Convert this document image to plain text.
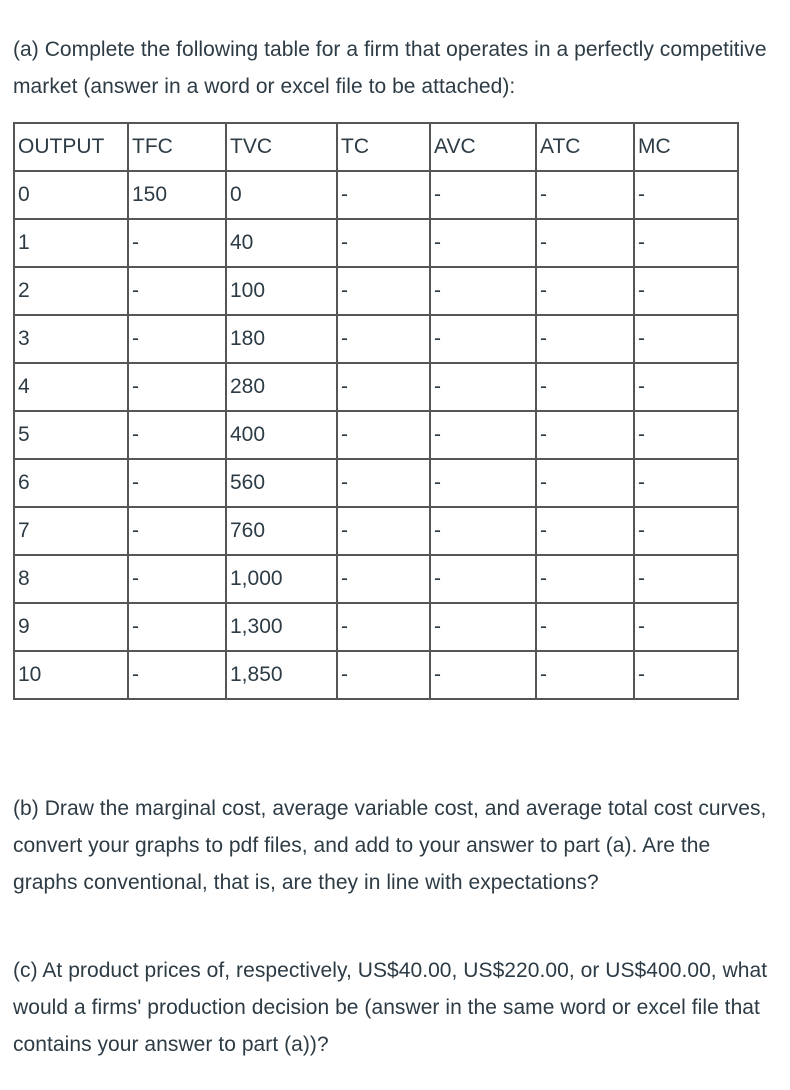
(a) Complete the following table for a firm that operates in a perfectly competitive market (answer in a word or excel file to be attached):

OUTPUT	TFC	TVC	TC	AVC	ATC	MC
0	150	0	-	-	-	-
1	-	40	-	-	-	-
2	-	100	-	-	-	-
3	-	180	-	-	-	-
4	-	280	-	-	-	-
5	-	400	-	-	-	-
6	-	560	-	-	-	-
7	-	760	-	-	-	-
8	-	1,000	-	-	-	-
9	-	1,300	-	-	-	-
10	-	1,850	-	-	-	-

(b) Draw the marginal cost, average variable cost, and average total cost curves, convert your graphs to pdf files, and add to your answer to part (a). Are the graphs conventional, that is, are they in line with expectations?

(c) At product prices of, respectively, US$40.00, US$220.00, or US$400.00, what would a firms' production decision be (answer in the same word or excel file that contains your answer to part (a))?
